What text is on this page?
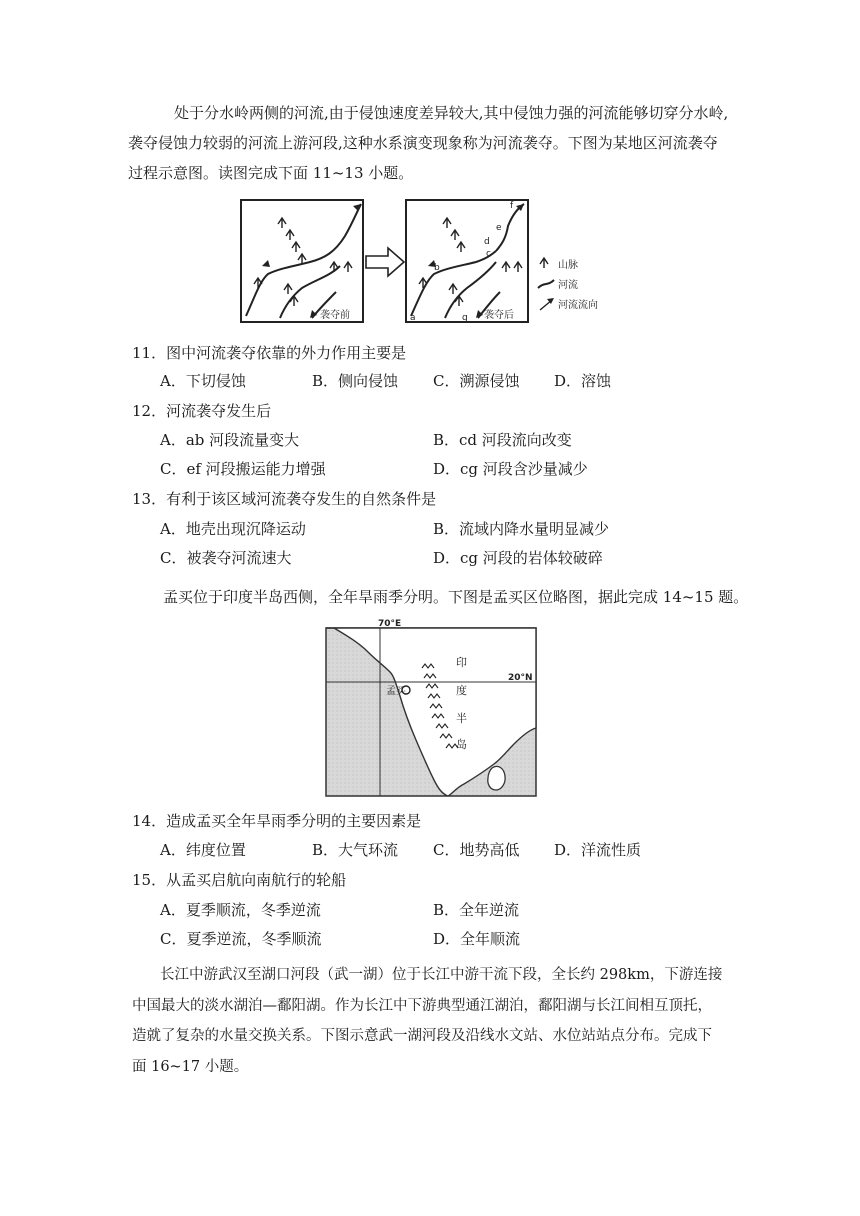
处于分水岭两侧的河流,由于侵蚀速度差异较大,其中侵蚀力强的河流能够切穿分水岭,
袭夺侵蚀力较弱的河流上游河段,这种水系演变现象称为河流袭夺。下图为某地区河流袭夺
过程示意图。读图完成下面 11~13 小题。
袭夺前	a
b
c
d
e
f
g 袭夺后
山脉
河流
河流流向
11．图中河流袭夺依靠的外力作用主要是
A．下切侵蚀	B．侧向侵蚀 C．溯源侵蚀 D．溶蚀
12．河流袭夺发生后
A．ab 河段流量变大	B．cd 河段流向改变
C．ef 河段搬运能力增强	D．cg 河段含沙量减少
13．有利于该区域河流袭夺发生的自然条件是
A．地壳出现沉降运动	B．流域内降水量明显减少
C．被袭夺河流速大	D．cg 河段的岩体较破碎
孟买位于印度半岛西侧，全年旱雨季分明。下图是孟买区位略图，据此完成 14~15 题。
70°E
20°N
孟买
印
度
半
岛
14．造成孟买全年旱雨季分明的主要因素是
A．纬度位置	B．大气环流 C．地势高低 D．洋流性质
15．从孟买启航向南航行的轮船
A．夏季顺流，冬季逆流	B．全年逆流
C．夏季逆流，冬季顺流	D．全年顺流
长江中游武汉至湖口河段（武一湖）位于长江中游干流下段，全长约 298km，下游连接
中国最大的淡水湖泊—鄱阳湖。作为长江中下游典型通江湖泊，鄱阳湖与长江间相互顶托，
造就了复杂的水量交换关系。下图示意武一湖河段及沿线水文站、水位站站点分布。完成下
面 16~17 小题。
